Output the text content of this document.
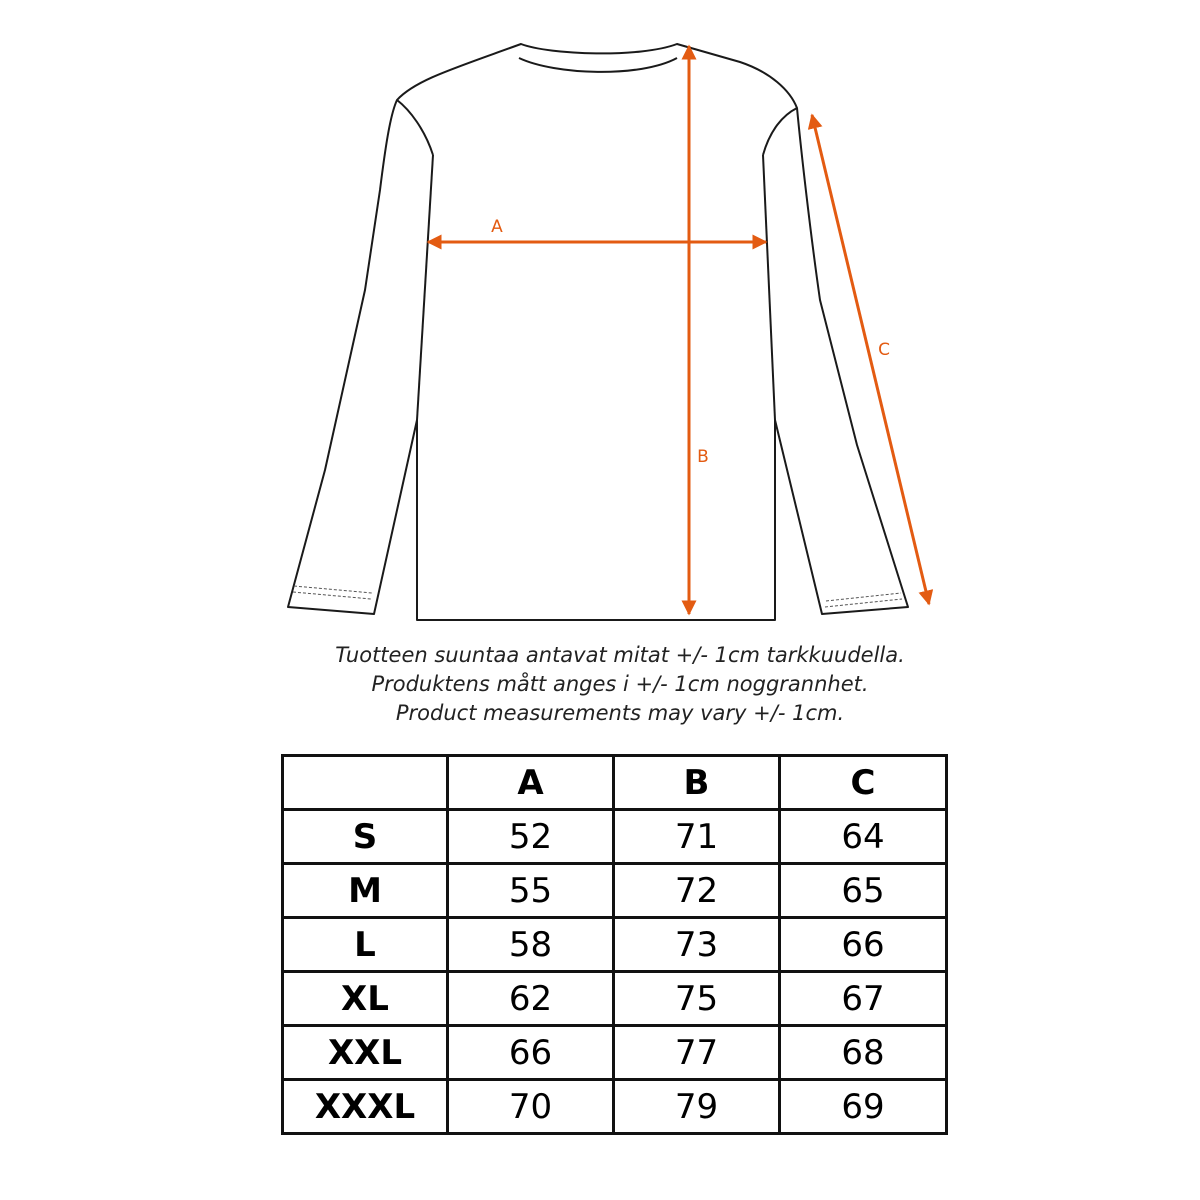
A
B
C
Tuotteen suuntaa antavat mitat +/- 1cm tarkkuudella.
Produktens mått anges i +/- 1cm noggrannhet.
Product measurements may vary +/- 1cm.
	A	B	C
S	52	71	64
M	55	72	65
L	58	73	66
XL	62	75	67
XXL	66	77	68
XXXL	70	79	69
